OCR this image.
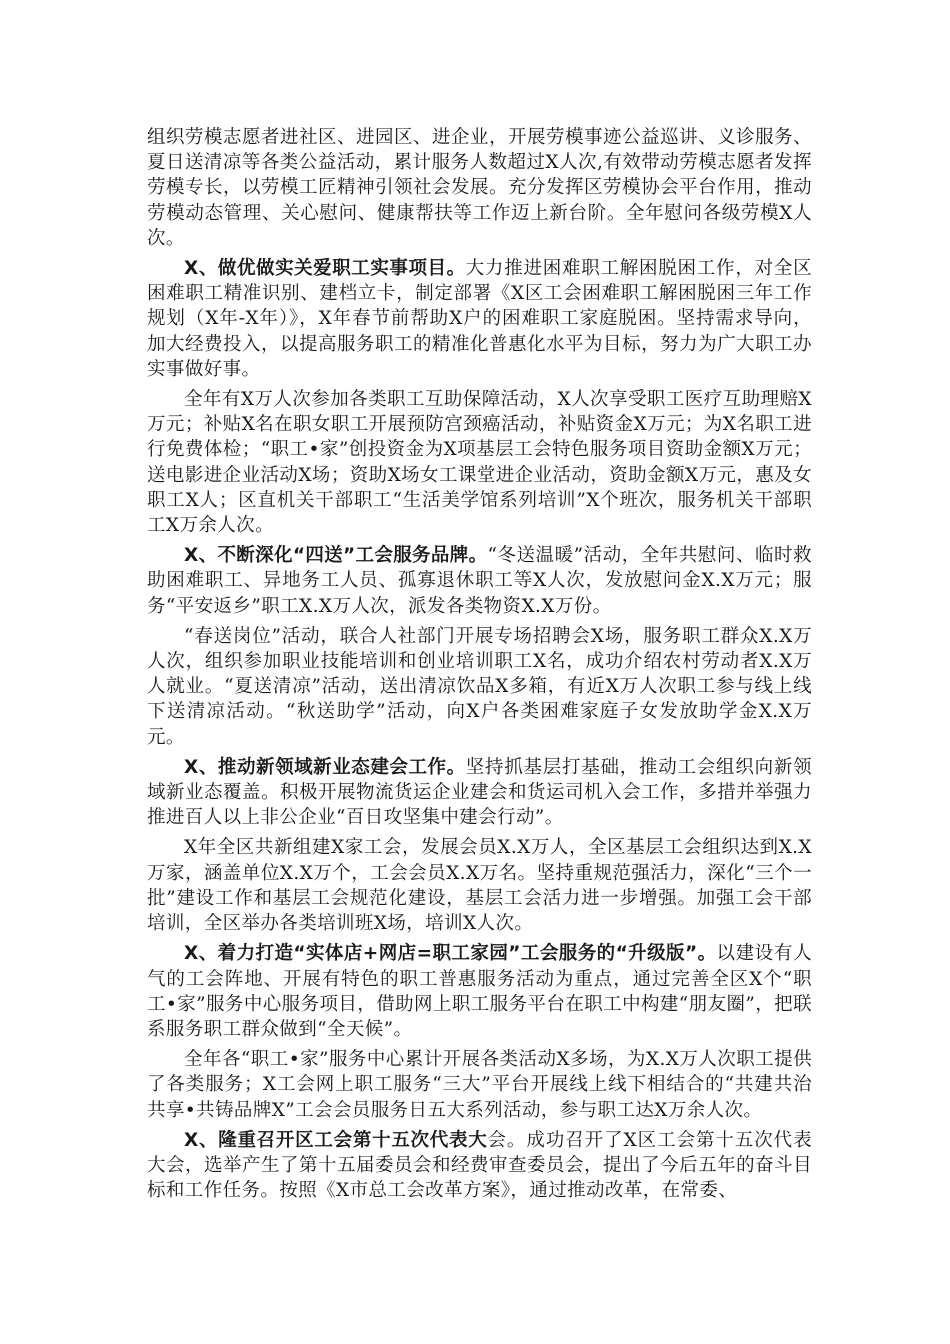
组织劳模志愿者进社区、进园区、进企业，开展劳模事迹公益巡讲、义诊服务、夏日送清凉等各类公益活动，累计服务人数超过X人次,有效带动劳模志愿者发挥劳模专长，以劳模工匠精神引领社会发展。充分发挥区劳模协会平台作用，推动劳模动态管理、关心慰问、健康帮扶等工作迈上新台阶。全年慰问各级劳模X人次。

X、做优做实关爱职工实事项目。大力推进困难职工解困脱困工作，对全区困难职工精准识别、建档立卡，制定部署《X区工会困难职工解困脱困三年工作规划（X年-X年）》，X年春节前帮助X户的困难职工家庭脱困。坚持需求导向，加大经费投入，以提高服务职工的精准化普惠化水平为目标，努力为广大职工办实事做好事。

全年有X万人次参加各类职工互助保障活动，X人次享受职工医疗互助理赔X万元；补贴X名在职女职工开展预防宫颈癌活动，补贴资金X万元；为X名职工进行免费体检；“职工•家”创投资金为X项基层工会特色服务项目资助金额X万元；送电影进企业活动X场；资助X场女工课堂进企业活动，资助金额X万元，惠及女职工X人；区直机关干部职工“生活美学馆系列培训”X个班次，服务机关干部职工X万余人次。

X、不断深化“四送”工会服务品牌。“冬送温暖”活动，全年共慰问、临时救助困难职工、异地务工人员、孤寡退休职工等X人次，发放慰问金X.X万元；服务“平安返乡”职工X.X万人次，派发各类物资X.X万份。

“春送岗位”活动，联合人社部门开展专场招聘会X场，服务职工群众X.X万人次，组织参加职业技能培训和创业培训职工X名，成功介绍农村劳动者X.X万人就业。“夏送清凉”活动，送出清凉饮品X多箱，有近X万人次职工参与线上线下送清凉活动。“秋送助学”活动，向X户各类困难家庭子女发放助学金X.X万元。

X、推动新领域新业态建会工作。坚持抓基层打基础，推动工会组织向新领域新业态覆盖。积极开展物流货运企业建会和货运司机入会工作，多措并举强力推进百人以上非公企业“百日攻坚集中建会行动”。

X年全区共新组建X家工会，发展会员X.X万人，全区基层工会组织达到X.X万家，涵盖单位X.X万个，工会会员X.X万名。坚持重规范强活力，深化“三个一批”建设工作和基层工会规范化建设，基层工会活力进一步增强。加强工会干部培训，全区举办各类培训班X场，培训X人次。

X、着力打造“实体店+网店=职工家园”工会服务的“升级版”。以建设有人气的工会阵地、开展有特色的职工普惠服务活动为重点，通过完善全区X个“职工•家”服务中心服务项目，借助网上职工服务平台在职工中构建“朋友圈”，把联系服务职工群众做到“全天候”。

全年各“职工•家”服务中心累计开展各类活动X多场，为X.X万人次职工提供了各类服务；X工会网上职工服务“三大”平台开展线上线下相结合的“共建共治共享•共铸品牌X”工会会员服务日五大系列活动，参与职工达X万余人次。

X、隆重召开区工会第十五次代表大会。成功召开了X区工会第十五次代表大会，选举产生了第十五届委员会和经费审查委员会，提出了今后五年的奋斗目标和工作任务。按照《X市总工会改革方案》，通过推动改革，在常委、
